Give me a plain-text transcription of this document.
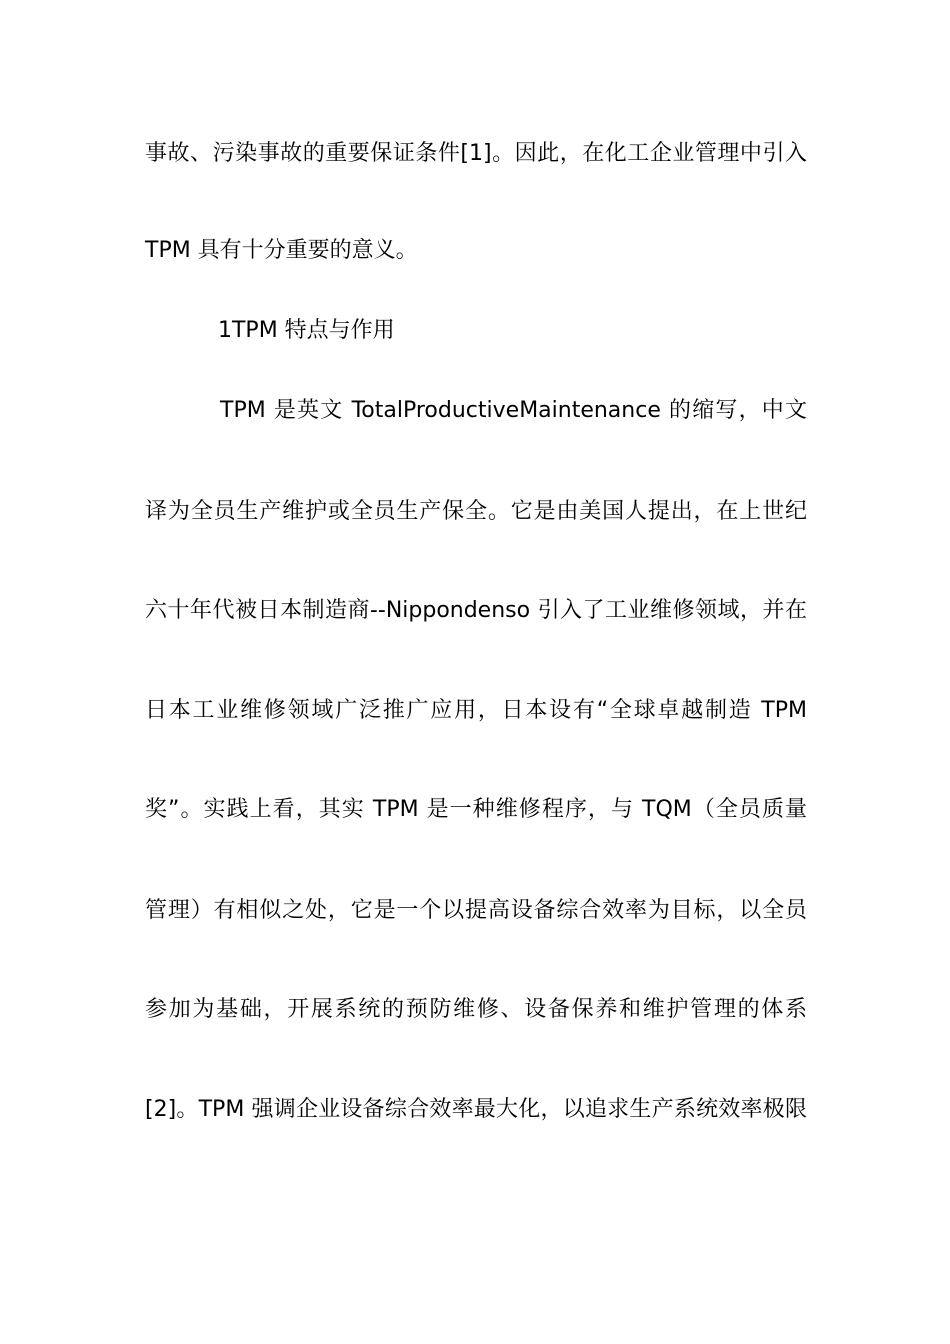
事故、污染事故的重要保证条件[1]。因此，在化工企业管理中引入
TPM 具有十分重要的意义。
1TPM 特点与作用
TPM 是英文 TotalProductiveMaintenance 的缩写，中文
译为全员生产维护或全员生产保全。它是由美国人提出，在上世纪
六十年代被日本制造商--Nippondenso 引入了工业维修领域，并在
日本工业维修领域广泛推广应用，日本设有“全球卓越制造 TPM
奖”。实践上看，其实 TPM 是一种维修程序，与 TQM（全员质量
管理）有相似之处，它是一个以提高设备综合效率为目标，以全员
参加为基础，开展系统的预防维修、设备保养和维护管理的体系
[2]。TPM 强调企业设备综合效率最大化，以追求生产系统效率极限
